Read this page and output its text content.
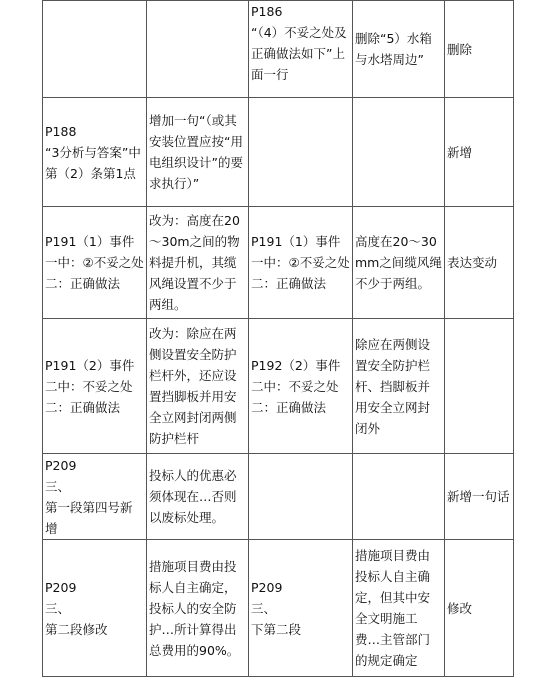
		P186
“（4）不妥之处及正确做法如下”上面一行	删除“5）水箱与水塔周边”	删除

P188
“3分析与答案”中第（2）条第1点	增加一句“（或其安装位置应按“用电组织设计”的要求执行）”			新增

P191（1）事件一中：②不妥之处二：正确做法	改为：高度在20～30m之间的物料提升机，其缆风绳设置不少于两组。	P191（1）事件一中：②不妥之处二：正确做法	高度在20～30mm之间缆风绳不少于两组。	表达变动

P191（2）事件二中：不妥之处二：正确做法	改为：除应在两侧设置安全防护栏杆外，还应设置挡脚板并用安全立网封闭两侧防护栏杆	P192（2）事件二中：不妥之处二：正确做法	除应在两侧设置安全防护栏杆、挡脚板并用安全立网封闭外	

P209
三、
第一段第四号新增	投标人的优惠必须体现在…否则以废标处理。			新增一句话

P209
三、
第二段修改	措施项目费由投标人自主确定，投标人的安全防护…所计算得出总费用的90%。	P209
三、
下第二段	措施项目费由投标人自主确定，但其中安全文明施工费…主管部门的规定确定	修改
